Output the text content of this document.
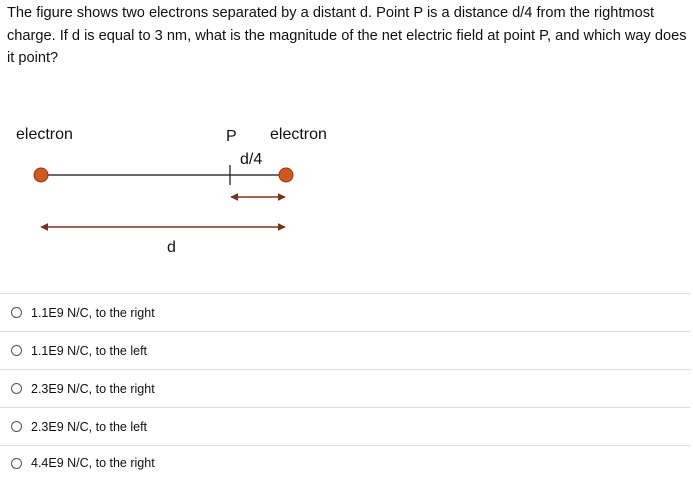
The figure shows two electrons separated by a distant d. Point P is a distance d/4 from the rightmost charge. If d is equal to 3 nm, what is the magnitude of the net electric field at point P, and which way does it point?
electron	P electron
d/4
d
1.1E9 N/C, to the right
1.1E9 N/C, to the left
2.3E9 N/C, to the right
2.3E9 N/C, to the left
4.4E9 N/C, to the right
